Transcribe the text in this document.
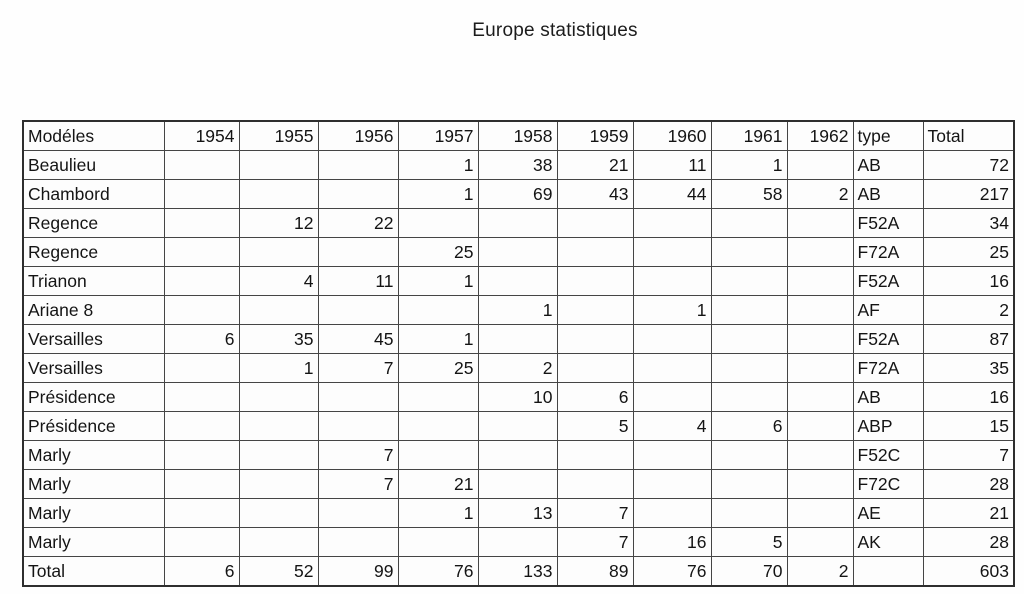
Europe statistiques
Modéles	1954	1955	1956	1957	1958	1959	1960	1961	1962	type	Total
Beaulieu				1	38	21	11	1		AB	72
Chambord				1	69	43	44	58	2	AB	217
Regence		12	22							F52A	34
Regence				25						F72A	25
Trianon		4	11	1						F52A	16
Ariane 8					1		1			AF	2
Versailles	6	35	45	1						F52A	87
Versailles		1	7	25	2					F72A	35
Présidence					10	6				AB	16
Présidence						5	4	6		ABP	15
Marly			7							F52C	7
Marly			7	21						F72C	28
Marly				1	13	7				AE	21
Marly						7	16	5		AK	28
Total	6	52	99	76	133	89	76	70	2		603
